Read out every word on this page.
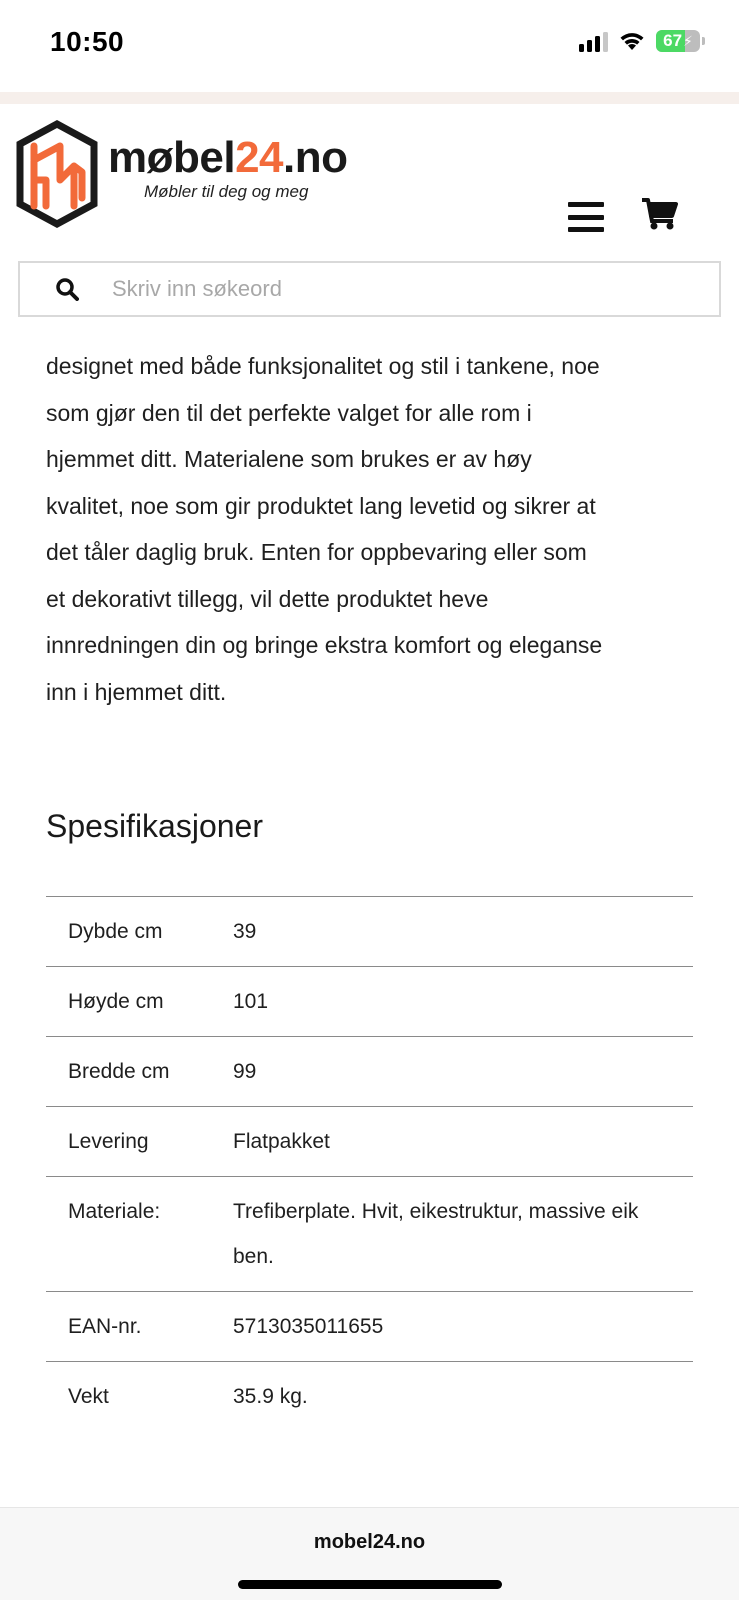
10:50	67 ⚡
møbel24.no
Møbler til deg og meg
Skriv inn søkeord
designet med både funksjonalitet og stil i tankene, noe
som gjør den til det perfekte valget for alle rom i
hjemmet ditt. Materialene som brukes er av høy
kvalitet, noe som gir produktet lang levetid og sikrer at
det tåler daglig bruk. Enten for oppbevaring eller som
et dekorativt tillegg, vil dette produktet heve
innredningen din og bringe ekstra komfort og eleganse
inn i hjemmet ditt.
Spesifikasjoner
Dybde cm	39
Høyde cm	101
Bredde cm	99
Levering	Flatpakket
Materiale:	Trefiberplate. Hvit, eikestruktur, massive eik ben.
EAN-nr.	5713035011655
Vekt	35.9 kg.
mobel24.no
